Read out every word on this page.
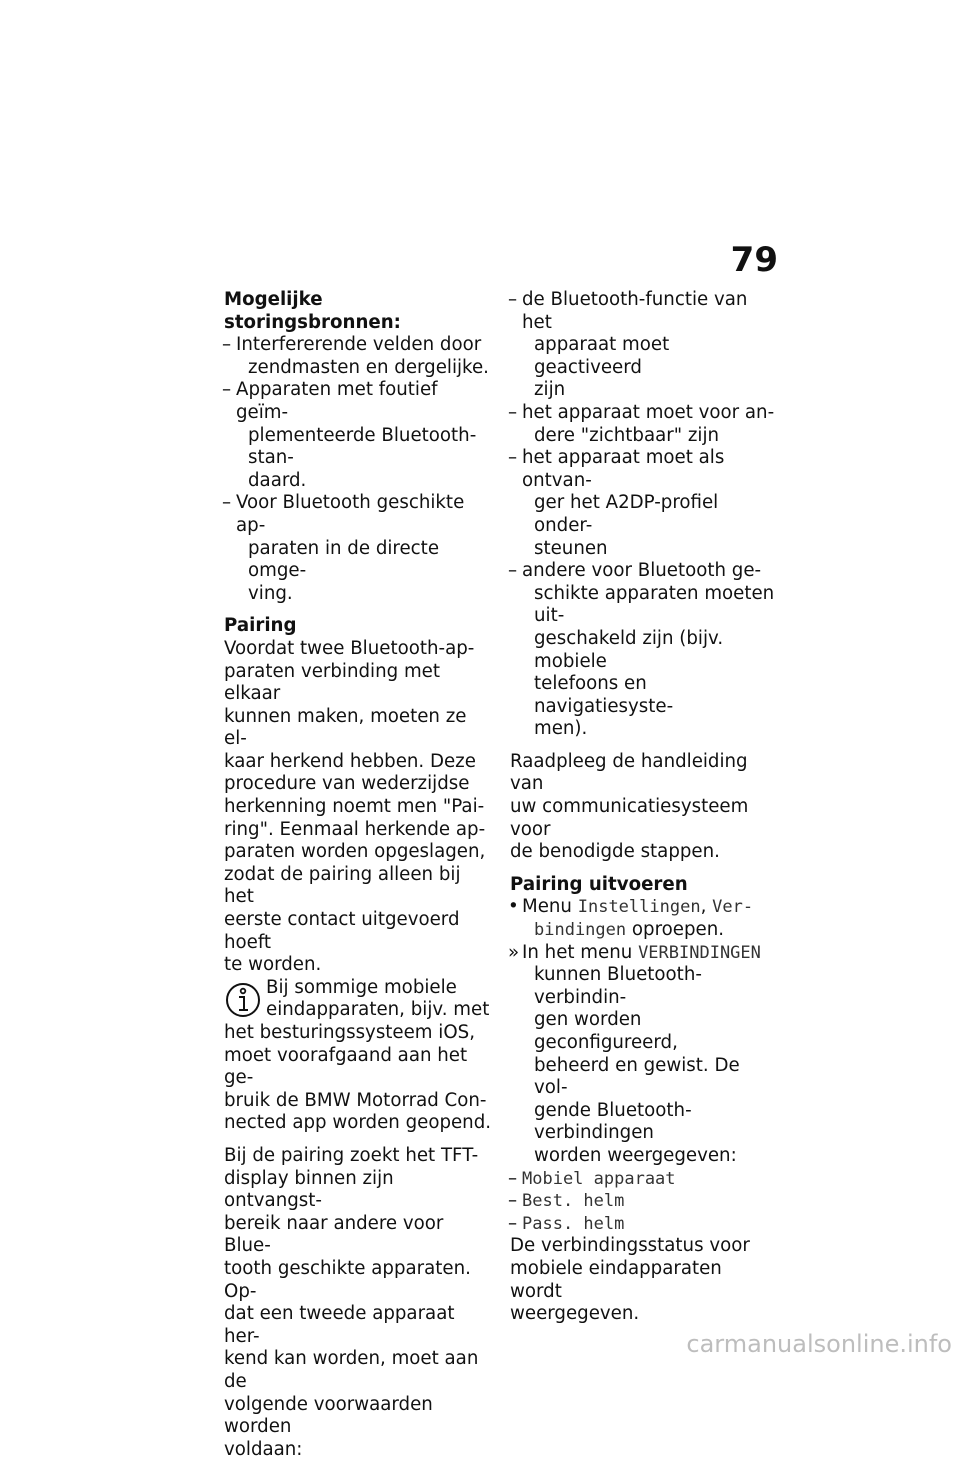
79

Mogelijke storingsbronnen:

– Interfererende velden door
zendmasten en dergelijke.
– Apparaten met foutief geïm-
plementeerde Bluetooth-stan-
daard.
– Voor Bluetooth geschikte ap-
paraten in de directe omge-
ving.

Pairing

Voordat twee Bluetooth-ap-
paraten verbinding met elkaar
kunnen maken, moeten ze el-
kaar herkend hebben. Deze
procedure van wederzijdse
herkenning noemt men "Pai-
ring". Eenmaal herkende ap-
paraten worden opgeslagen,
zodat de pairing alleen bij het
eerste contact uitgevoerd hoeft
te worden.
Bij sommige mobiele
eindapparaten, bijv. met
het besturingssysteem iOS,
moet voorafgaand aan het ge-
bruik de BMW Motorrad Con-
nected app worden geopend.
Bij de pairing zoekt het TFT-
display binnen zijn ontvangst-
bereik naar andere voor Blue-
tooth geschikte apparaten. Op-
dat een tweede apparaat her-
kend kan worden, moet aan de
volgende voorwaarden worden
voldaan:
– de Bluetooth-functie van het
apparaat moet geactiveerd
zijn
– het apparaat moet voor an-
dere "zichtbaar" zijn
– het apparaat moet als ontvan-
ger het A2DP-profiel onder-
steunen
– andere voor Bluetooth ge-
schikte apparaten moeten uit-
geschakeld zijn (bijv. mobiele
telefoons en navigatiesyste-
men).
Raadpleeg de handleiding van
uw communicatiesysteem voor
de benodigde stappen.

Pairing uitvoeren

• Menu Instellingen, Ver-
bindingen oproepen.
» In het menu VERBINDINGEN
kunnen Bluetooth-verbindin-
gen worden geconfigureerd,
beheerd en gewist. De vol-
gende Bluetooth-verbindingen
worden weergegeven:
– Mobiel apparaat
– Best. helm
– Pass. helm
De verbindingsstatus voor
mobiele eindapparaten wordt
weergegeven.
carmanualsonline.info
